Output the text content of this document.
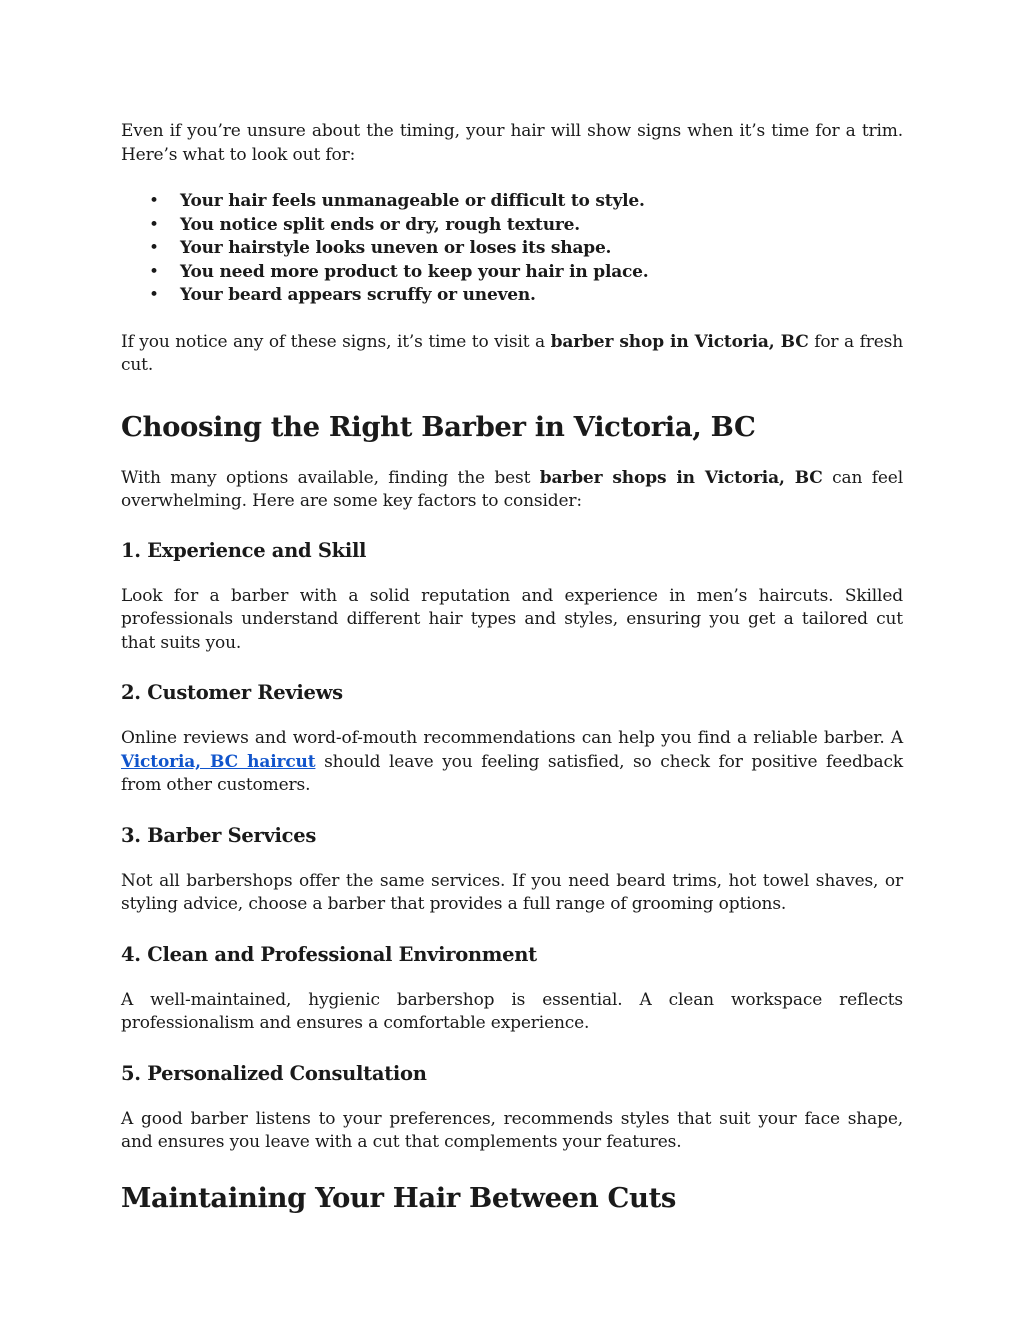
Even if you’re unsure about the timing, your hair will show signs when it’s time for a trim. Here’s what to look out for:

• Your hair feels unmanageable or difficult to style.
• You notice split ends or dry, rough texture.
• Your hairstyle looks uneven or loses its shape.
• You need more product to keep your hair in place.
• Your beard appears scruffy or uneven.

If you notice any of these signs, it’s time to visit a barber shop in Victoria, BC for a fresh cut.

Choosing the Right Barber in Victoria, BC

With many options available, finding the best barber shops in Victoria, BC can feel overwhelming. Here are some key factors to consider:

1. Experience and Skill

Look for a barber with a solid reputation and experience in men’s haircuts. Skilled professionals understand different hair types and styles, ensuring you get a tailored cut that suits you.

2. Customer Reviews

Online reviews and word-of-mouth recommendations can help you find a reliable barber. A Victoria, BC haircut should leave you feeling satisfied, so check for positive feedback from other customers.

3. Barber Services

Not all barbershops offer the same services. If you need beard trims, hot towel shaves, or styling advice, choose a barber that provides a full range of grooming options.

4. Clean and Professional Environment

A well-maintained, hygienic barbershop is essential. A clean workspace reflects professionalism and ensures a comfortable experience.

5. Personalized Consultation

A good barber listens to your preferences, recommends styles that suit your face shape, and ensures you leave with a cut that complements your features.

Maintaining Your Hair Between Cuts
